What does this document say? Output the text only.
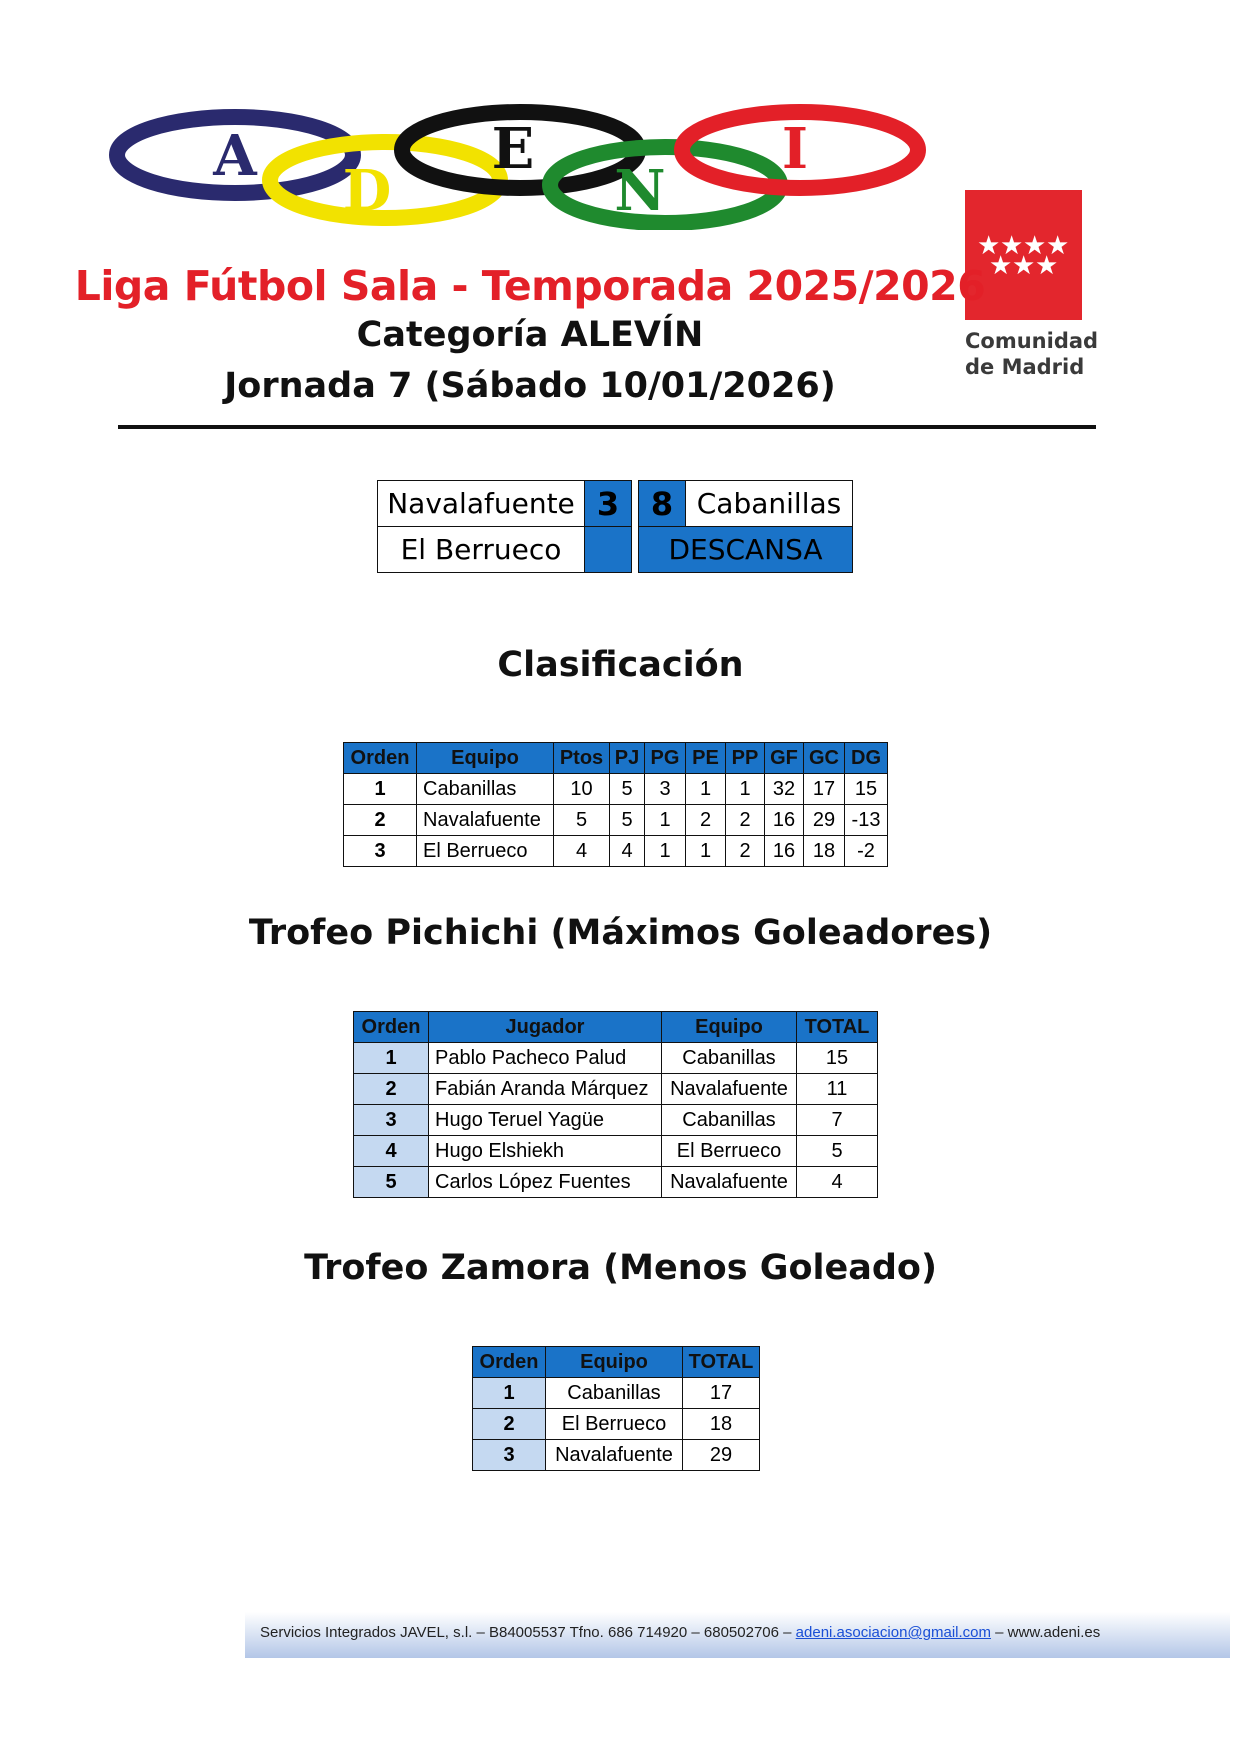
A
D
E
N
I
★ ★ ★ ★
★ ★ ★
Comunidad
de Madrid
Liga Fútbol Sala - Temporada 2025/2026
Categoría ALEVÍN
Jornada 7 (Sábado 10/01/2026)
Navalafuente	3		8	Cabanillas
El Berrueco			DESCANSA	
Clasificación
Orden	Equipo	Ptos	PJ	PG	PE	PP	GF	GC	DG
1	Cabanillas	10	5	3	1	1	32	17	15
2	Navalafuente	5	5	1	2	2	16	29	-13
3	El Berrueco	4	4	1	1	2	16	18	-2
Trofeo Pichichi (Máximos Goleadores)
Orden	Jugador	Equipo	TOTAL
1	Pablo Pacheco Palud	Cabanillas	15
2	Fabián Aranda Márquez	Navalafuente	11
3	Hugo Teruel Yagüe	Cabanillas	7
4	Hugo Elshiekh	El Berrueco	5
5	Carlos López Fuentes	Navalafuente	4
Trofeo Zamora (Menos Goleado)
Orden	Equipo	TOTAL
1	Cabanillas	17
2	El Berrueco	18
3	Navalafuente	29
Servicios Integrados JAVEL, s.l. – B84005537 Tfno. 686 714920 – 680502706 – adeni.asociacion@gmail.com – www.adeni.es
